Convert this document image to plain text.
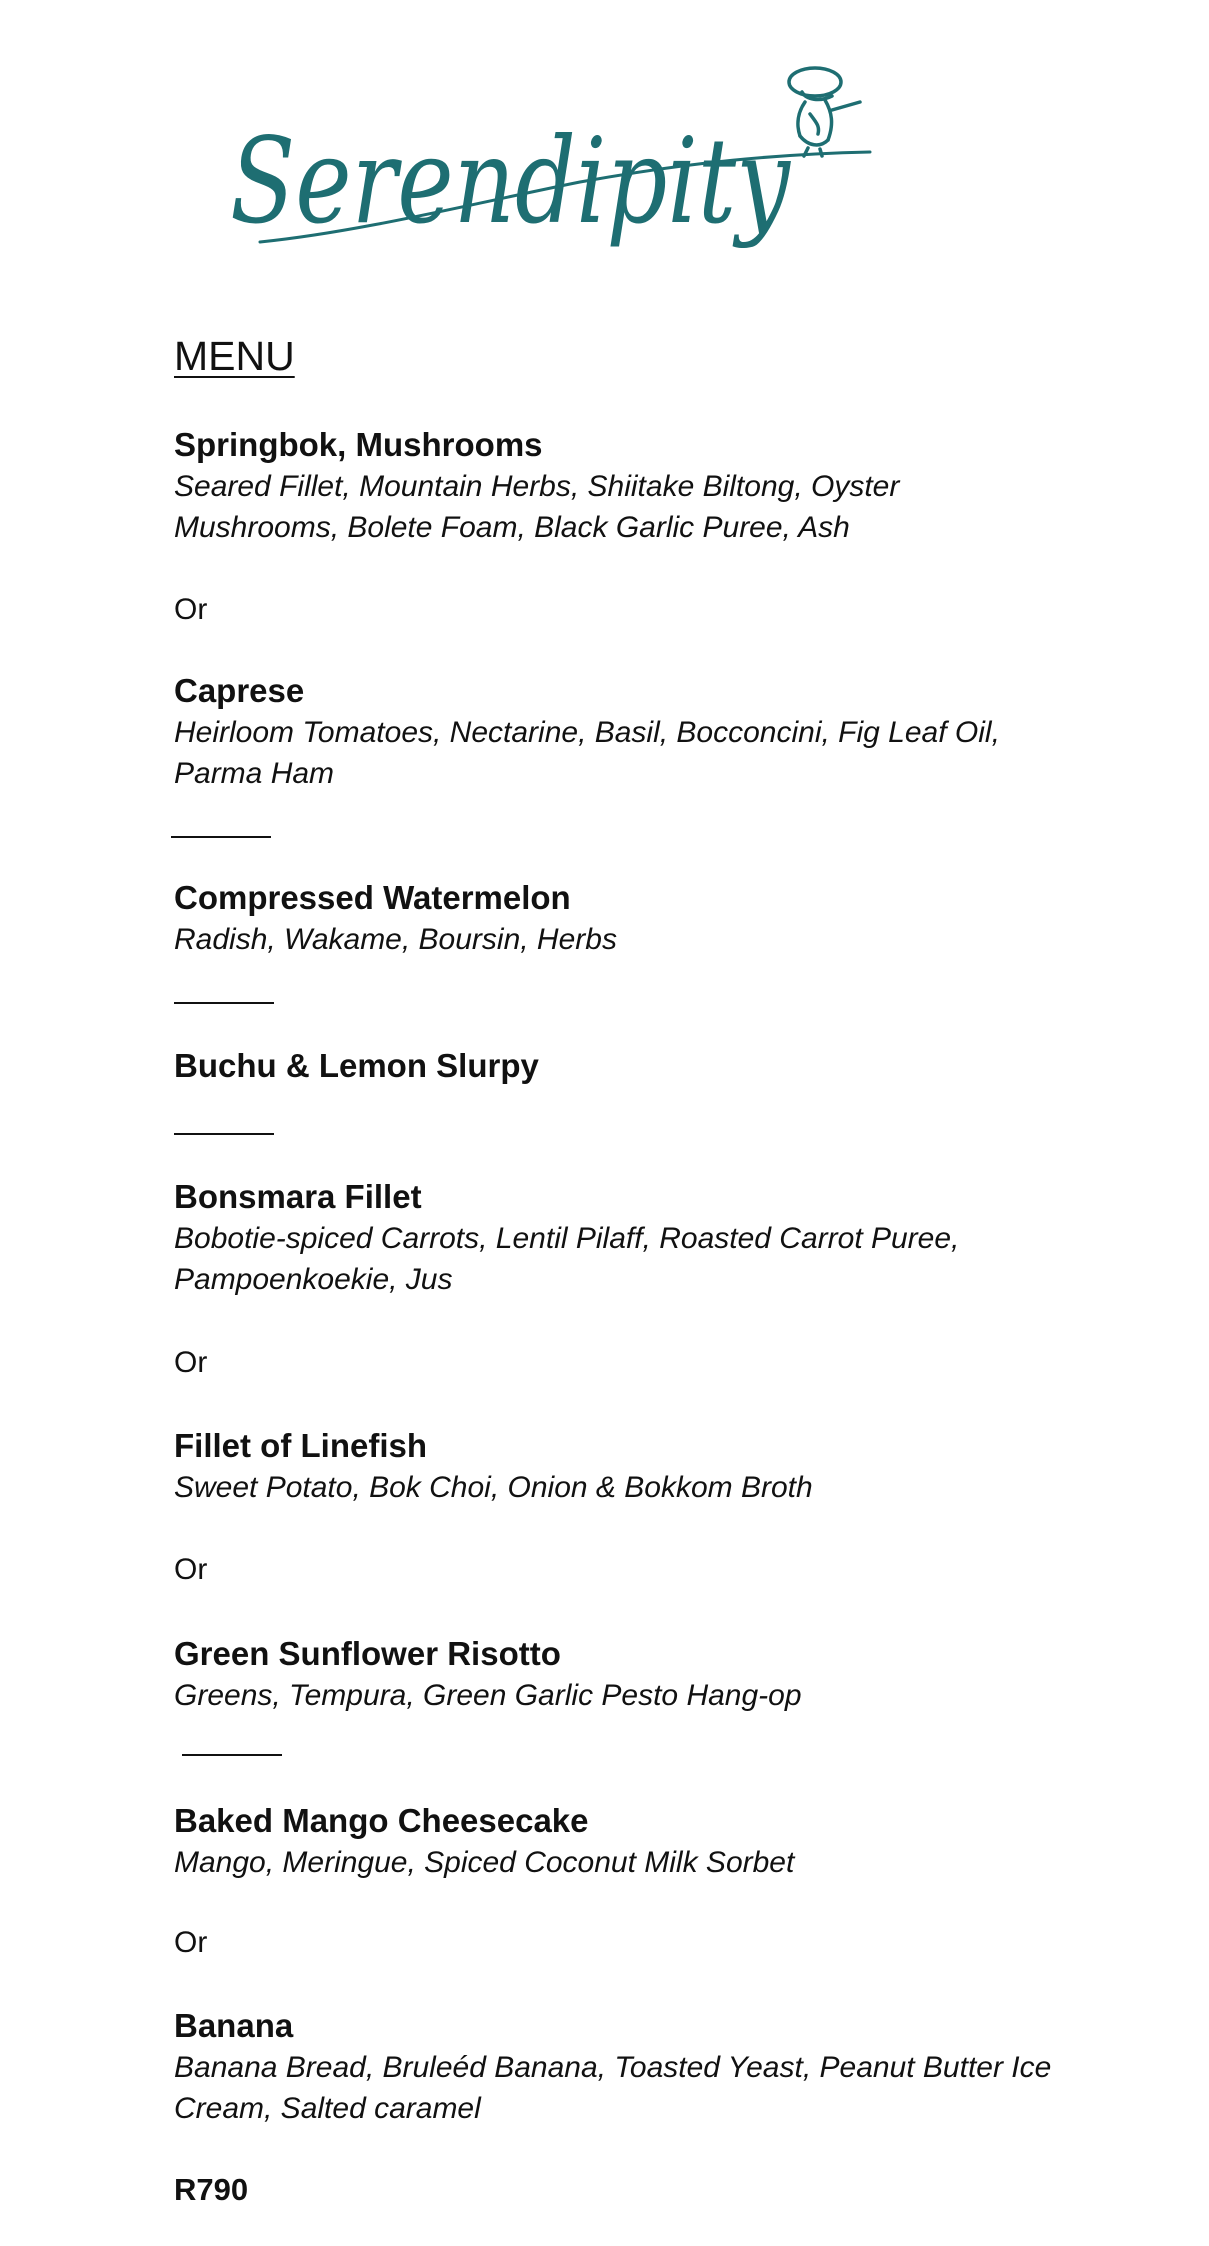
Serendipity
MENU

Springbok, Mushrooms

Seared Fillet, Mountain Herbs, Shiitake Biltong, Oyster

Mushrooms, Bolete Foam, Black Garlic Puree, Ash

Or

Caprese

Heirloom Tomatoes, Nectarine, Basil, Bocconcini, Fig Leaf Oil,

Parma Ham

Compressed Watermelon

Radish, Wakame, Boursin, Herbs

Buchu & Lemon Slurpy

Bonsmara Fillet

Bobotie-spiced Carrots, Lentil Pilaff, Roasted Carrot Puree,

Pampoenkoekie, Jus

Or

Fillet of Linefish

Sweet Potato, Bok Choi, Onion & Bokkom Broth

Or

Green Sunflower Risotto

Greens, Tempura, Green Garlic Pesto Hang-op

Baked Mango Cheesecake

Mango, Meringue, Spiced Coconut Milk Sorbet

Or

Banana

Banana Bread, Bruleéd Banana, Toasted Yeast, Peanut Butter Ice

Cream, Salted caramel

R790
